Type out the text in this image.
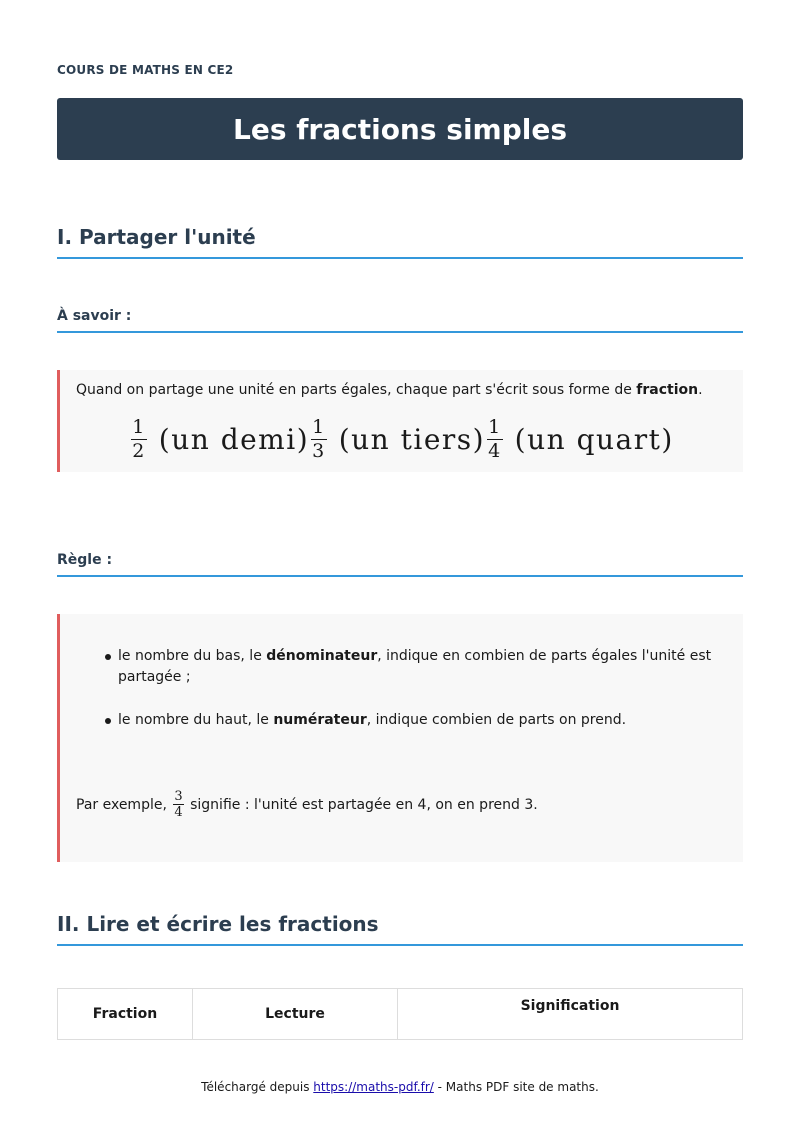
COURS DE MATHS EN CE2
Les fractions simples
I. Partager l'unité
À savoir :

Quand on partage une unité en parts égales, chaque part s'écrit sous forme de fraction.

$\frac{1}{2} (un$ demi) $\frac{1}{3} (un$ tiers) $\frac{1}{4} (un$ quart)
Règle :
le nombre du bas, le dénominateur, indique en combien de parts égales l'unité est partagée ;
le nombre du haut, le numérateur, indique combien de parts on prend.

Par exemple, $\frac{3}{4}$ signifie : l'unité est partagée en 4, on en prend 3.

II. Lire et écrire les fractions
Fraction	Lecture	Signification
Téléchargé depuis https://maths-pdf.fr/ - Maths PDF site de maths.
